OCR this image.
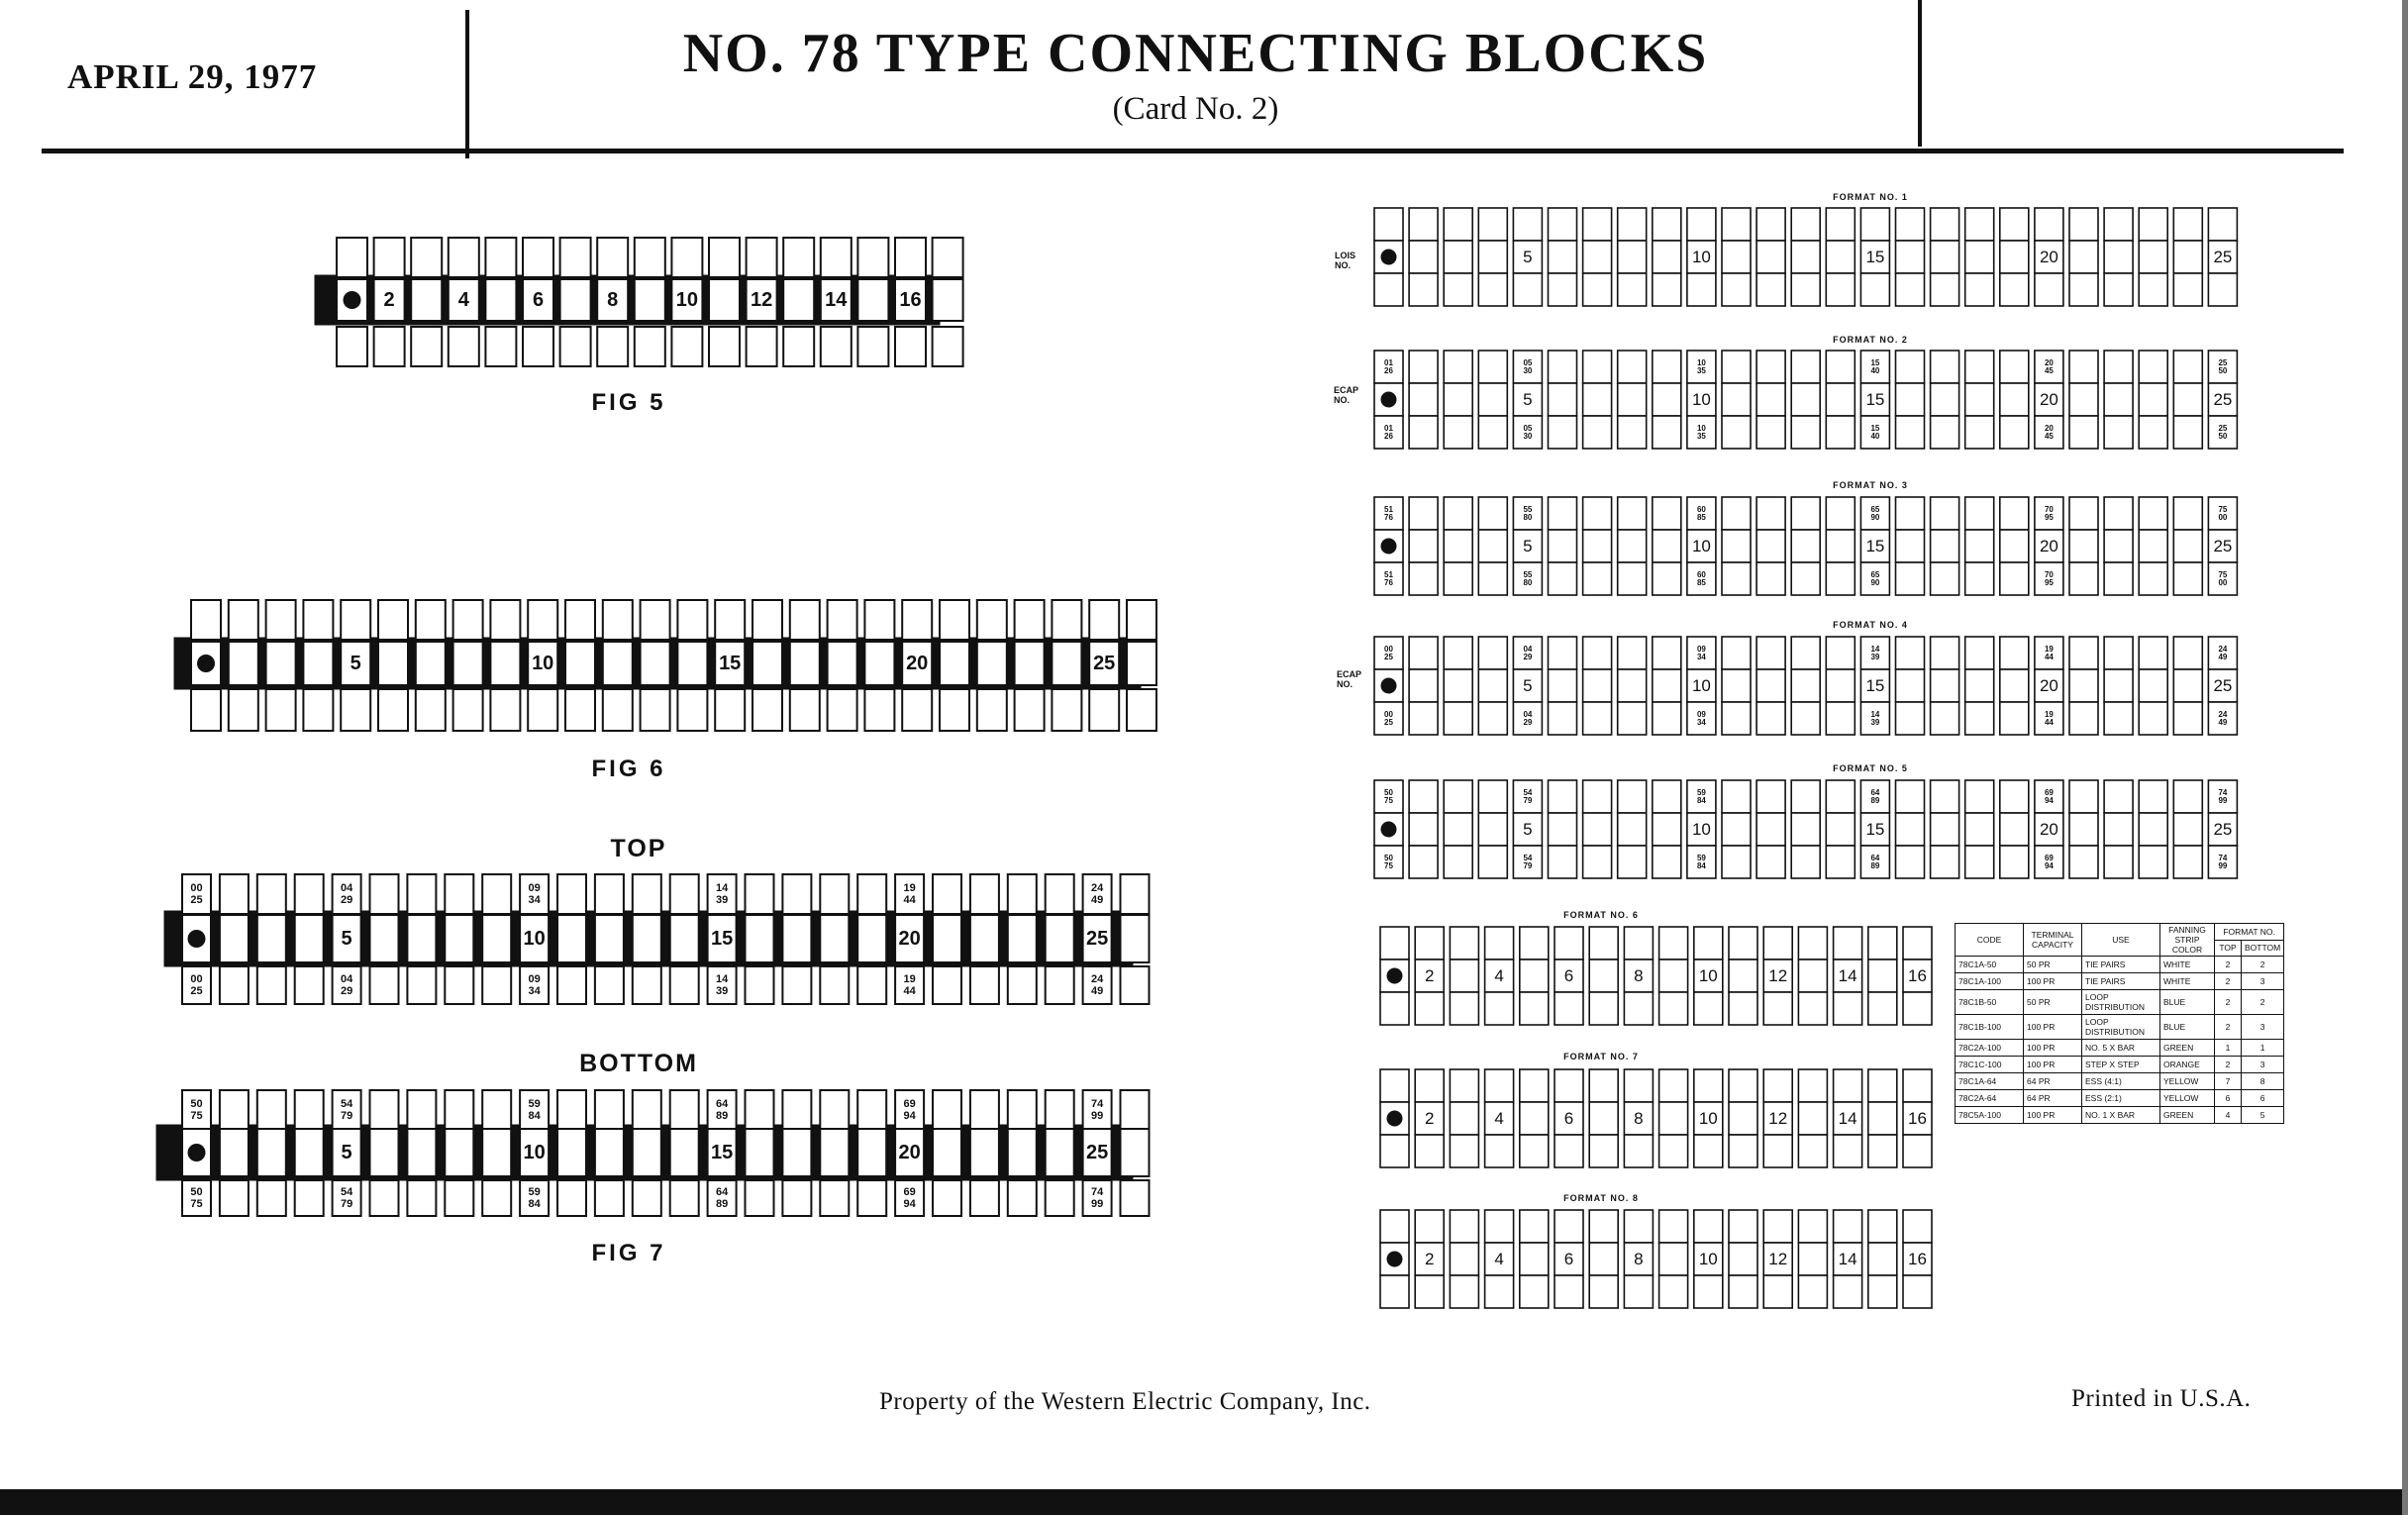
APRIL 29, 1977	NO. 78 TYPE CONNECTING BLOCKS
(Card No. 2)
FIG 5
FIG 6
TOP
BOTTOM
FIG 7
FORMAT NO. 1
FORMAT NO. 2
FORMAT NO. 3
FORMAT NO. 4
FORMAT NO. 5
FORMAT NO. 6
FORMAT NO. 7
FORMAT NO. 8
LOIS
NO.
ECAP
NO.
ECAP
NO.
2	4	6	8	10	12	14	16
5	10	15	20	25
5	10	15	20	25
00
25
04
29
09
34
14
39
19
44
24
49
00
25
04
29
09
34
14
39
19
44
24
49
5	10	15	20	25
50
75
54
79
59
84
64
89
69
94
74
99
50
75
54
79
59
84
64
89
69
94
74
99
5	10	15	20	25
5	10	15	20	25
01
26
01
26
05
30
05
30
10
35
10
35
15
40
15
40
20
45
20
45
25
50
25
50
5	10	15	20	25
51
76
51
76
55
80
55
80
60
85
60
85
65
90
65
90
70
95
70
95
75
00
75
00
5	10	15	20	25
00
25
00
25
04
29
04
29
09
34
09
34
14
39
14
39
19
44
19
44
24
49
24
49
5	10	15	20	25
50
75
50
75
54
79
54
79
59
84
59
84
64
89
64
89
69
94
69
94
74
99
74
99
2	4	6	8	10	12	14	16
2	4	6	8	10	12	14	16
2	4	6	8	10	12	14	16
CODE	TERMINAL CAPACITY	USE	FANNING STRIP COLOR	FORMAT NO.	
				TOP	BOTTOM
78C1A-50	50 PR	TIE PAIRS	WHITE	2	2
78C1A-100	100 PR	TIE PAIRS	WHITE	2	3
78C1B-50	50 PR	LOOP DISTRIBUTION	BLUE	2	2
78C1B-100	100 PR	LOOP DISTRIBUTION	BLUE	2	3
78C2A-100	100 PR	NO. 5 X BAR	GREEN	1	1
78C1C-100	100 PR	STEP X STEP	ORANGE	2	3
78C1A-64	64 PR	ESS (4:1)	YELLOW	7	8
78C2A-64	64 PR	ESS (2:1)	YELLOW	6	6
78C5A-100	100 PR	NO. 1 X BAR	GREEN	4	5
Property of the Western Electric Company, Inc.	Printed in U.S.A.
